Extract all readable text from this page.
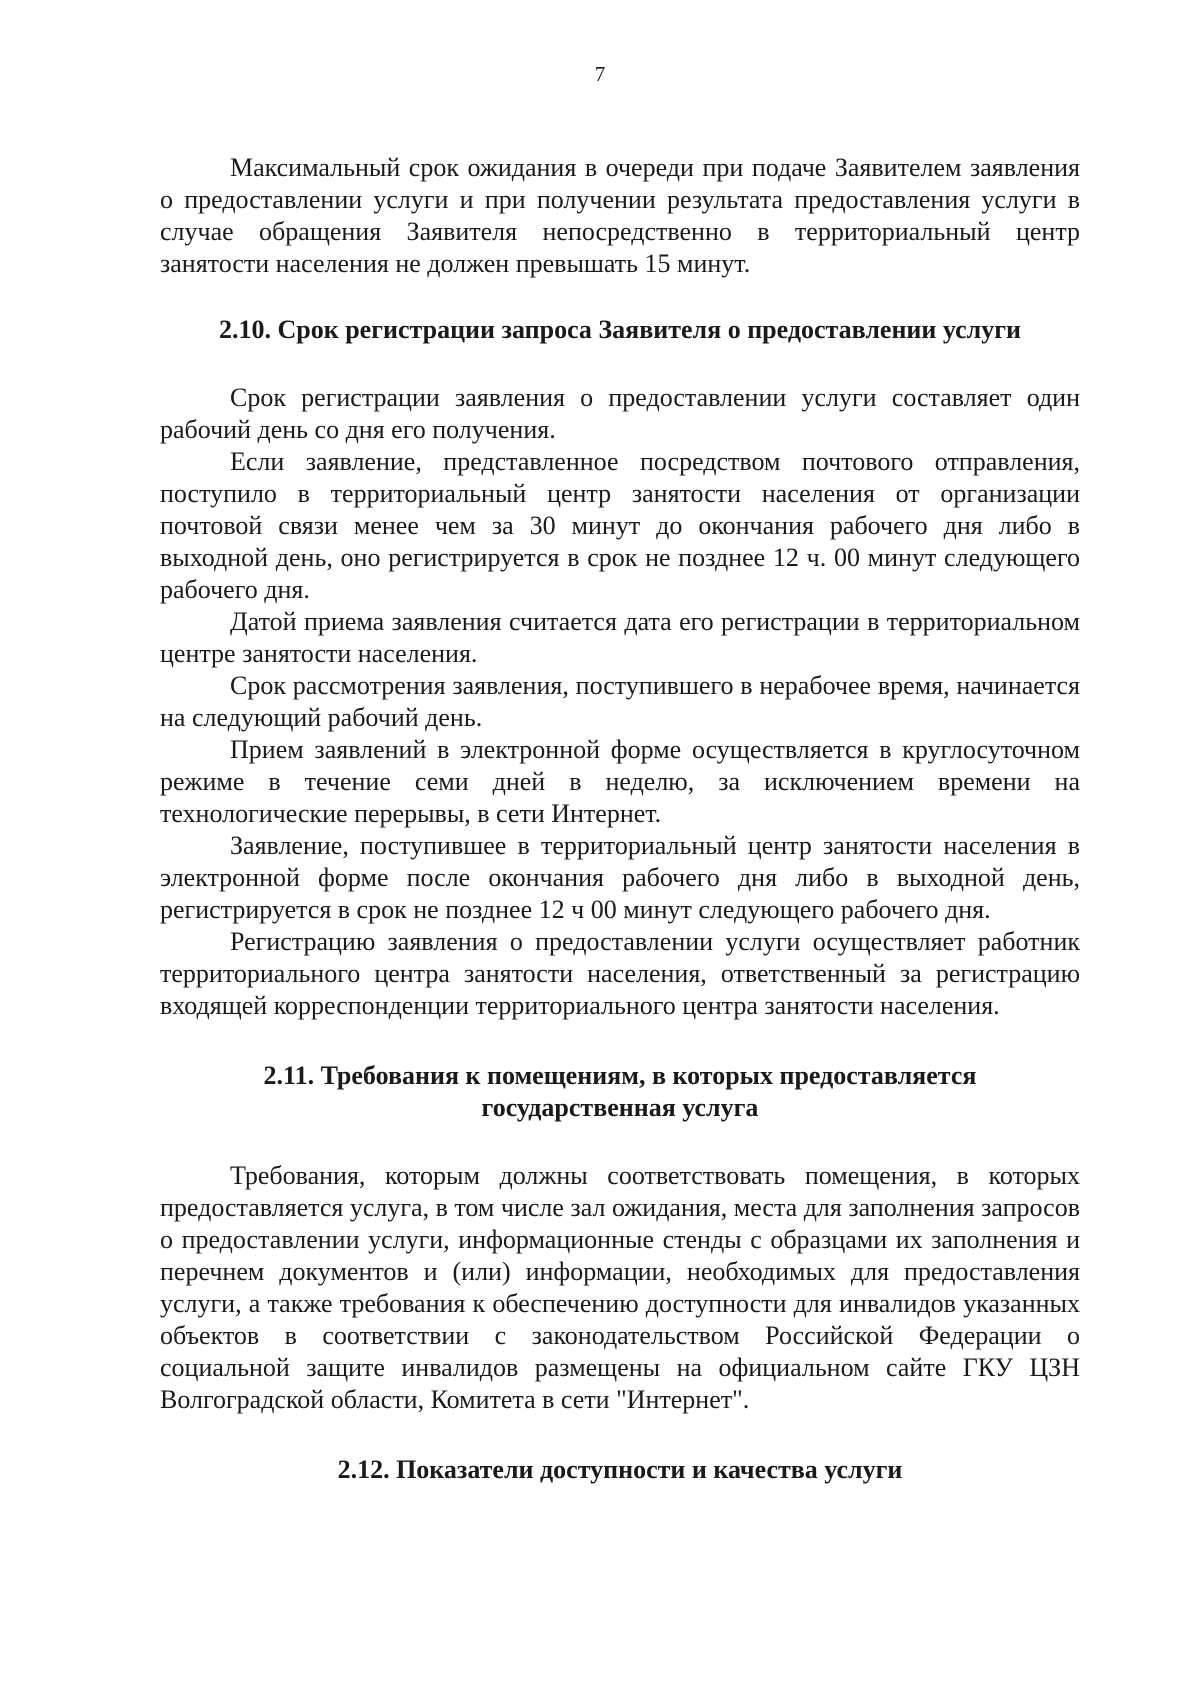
7

Максимальный срок ожидания в очереди при подаче Заявителем заявления о предоставлении услуги и при получении результата предоставления услуги в случае обращения Заявителя непосредственно в территориальный центр занятости населения не должен превышать 15 минут.

2.10. Срок регистрации запроса Заявителя о предоставлении услуги

Срок регистрации заявления о предоставлении услуги составляет один рабочий день со дня его получения.

Если заявление, представленное посредством почтового отправления, поступило в территориальный центр занятости населения от организации почтовой связи менее чем за 30 минут до окончания рабочего дня либо в выходной день, оно регистрируется в срок не позднее 12 ч. 00 минут следующего рабочего дня.

Датой приема заявления считается дата его регистрации в территориальном центре занятости населения.

Срок рассмотрения заявления, поступившего в нерабочее время, начинается на следующий рабочий день.

Прием заявлений в электронной форме осуществляется в круглосуточном режиме в течение семи дней в неделю, за исключением времени на технологические перерывы, в сети Интернет.

Заявление, поступившее в территориальный центр занятости населения в электронной форме после окончания рабочего дня либо в выходной день, регистрируется в срок не позднее 12 ч 00 минут следующего рабочего дня.

Регистрацию заявления о предоставлении услуги осуществляет работник территориального центра занятости населения, ответственный за регистрацию входящей корреспонденции территориального центра занятости населения.

2.11. Требования к помещениям, в которых предоставляется

государственная услуга

Требования, которым должны соответствовать помещения, в которых предоставляется услуга, в том числе зал ожидания, места для заполнения запросов о предоставлении услуги, информационные стенды с образцами их заполнения и перечнем документов и (или) информации, необходимых для предоставления услуги, а также требования к обеспечению доступности для инвалидов указанных объектов в соответствии с законодательством Российской Федерации о социальной защите инвалидов размещены на официальном сайте ГКУ ЦЗН Волгоградской области, Комитета в сети "Интернет".

2.12. Показатели доступности и качества услуги
